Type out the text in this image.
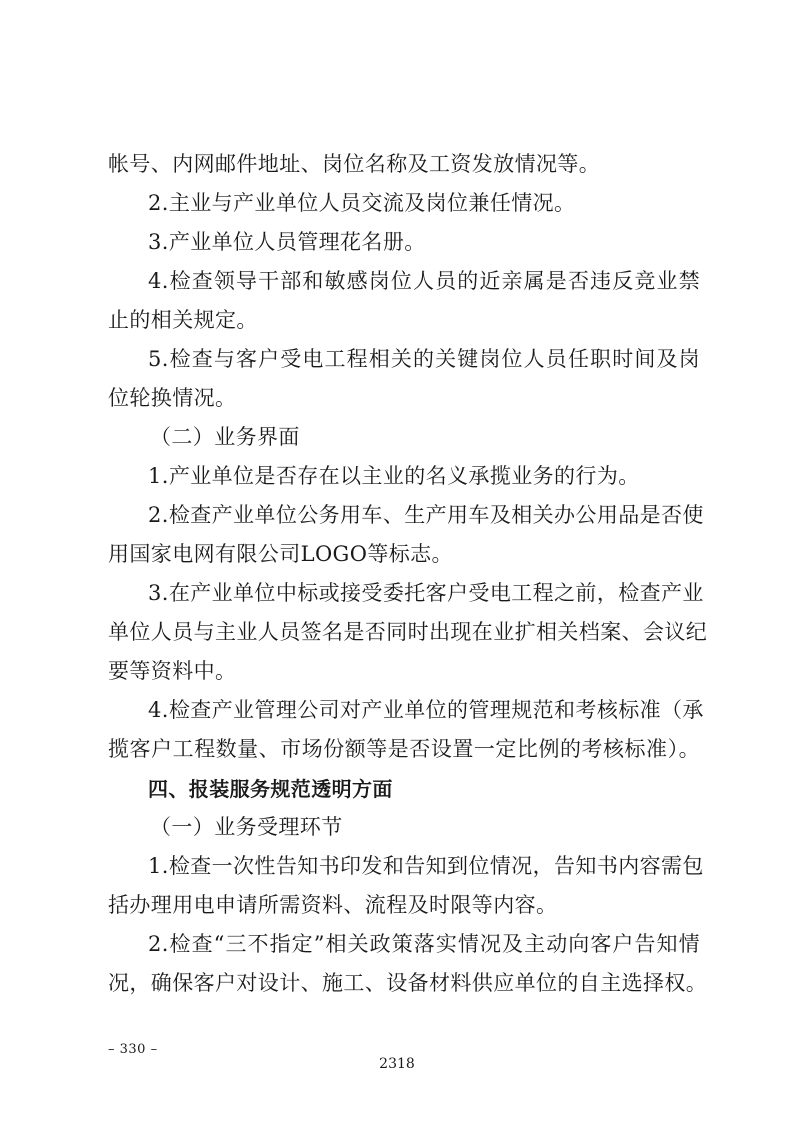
帐号、内网邮件地址、岗位名称及工资发放情况等。
2.主业与产业单位人员交流及岗位兼任情况。
3.产业单位人员管理花名册。
4.检查领导干部和敏感岗位人员的近亲属是否违反竞业禁
止的相关规定。
5.检查与客户受电工程相关的关键岗位人员任职时间及岗
位轮换情况。
（二）业务界面
1.产业单位是否存在以主业的名义承揽业务的行为。
2.检查产业单位公务用车、生产用车及相关办公用品是否使
用国家电网有限公司LOGO等标志。
3.在产业单位中标或接受委托客户受电工程之前，检查产业
单位人员与主业人员签名是否同时出现在业扩相关档案、会议纪
要等资料中。
4.检查产业管理公司对产业单位的管理规范和考核标准（承
揽客户工程数量、市场份额等是否设置一定比例的考核标准）。
四、报装服务规范透明方面
（一）业务受理环节
1.检查一次性告知书印发和告知到位情况，告知书内容需包
括办理用电申请所需资料、流程及时限等内容。
2.检查“三不指定”相关政策落实情况及主动向客户告知情
况，确保客户对设计、施工、设备材料供应单位的自主选择权。
– 330 –
2318
